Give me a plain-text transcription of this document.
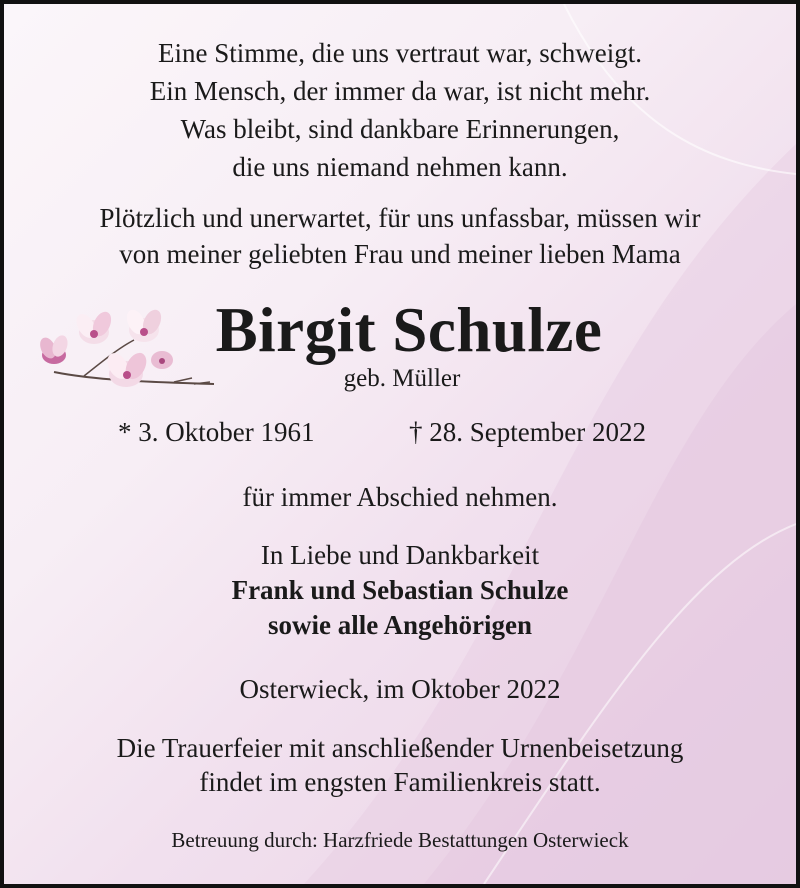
Eine Stimme, die uns vertraut war, schweigt.
Ein Mensch, der immer da war, ist nicht mehr.
Was bleibt, sind dankbare Erinnerungen,
die uns niemand nehmen kann.
Plötzlich und unerwartet, für uns unfassbar, müssen wir
von meiner geliebten Frau und meiner lieben Mama
Birgit Schulze
geb. Müller
* 3. Oktober 1961	† 28. September 2022
für immer Abschied nehmen.
In Liebe und Dankbarkeit
Frank und Sebastian Schulze
sowie alle Angehörigen
Osterwieck, im Oktober 2022
Die Trauerfeier mit anschließender Urnenbeisetzung
findet im engsten Familienkreis statt.
Betreuung durch: Harzfriede Bestattungen Osterwieck
